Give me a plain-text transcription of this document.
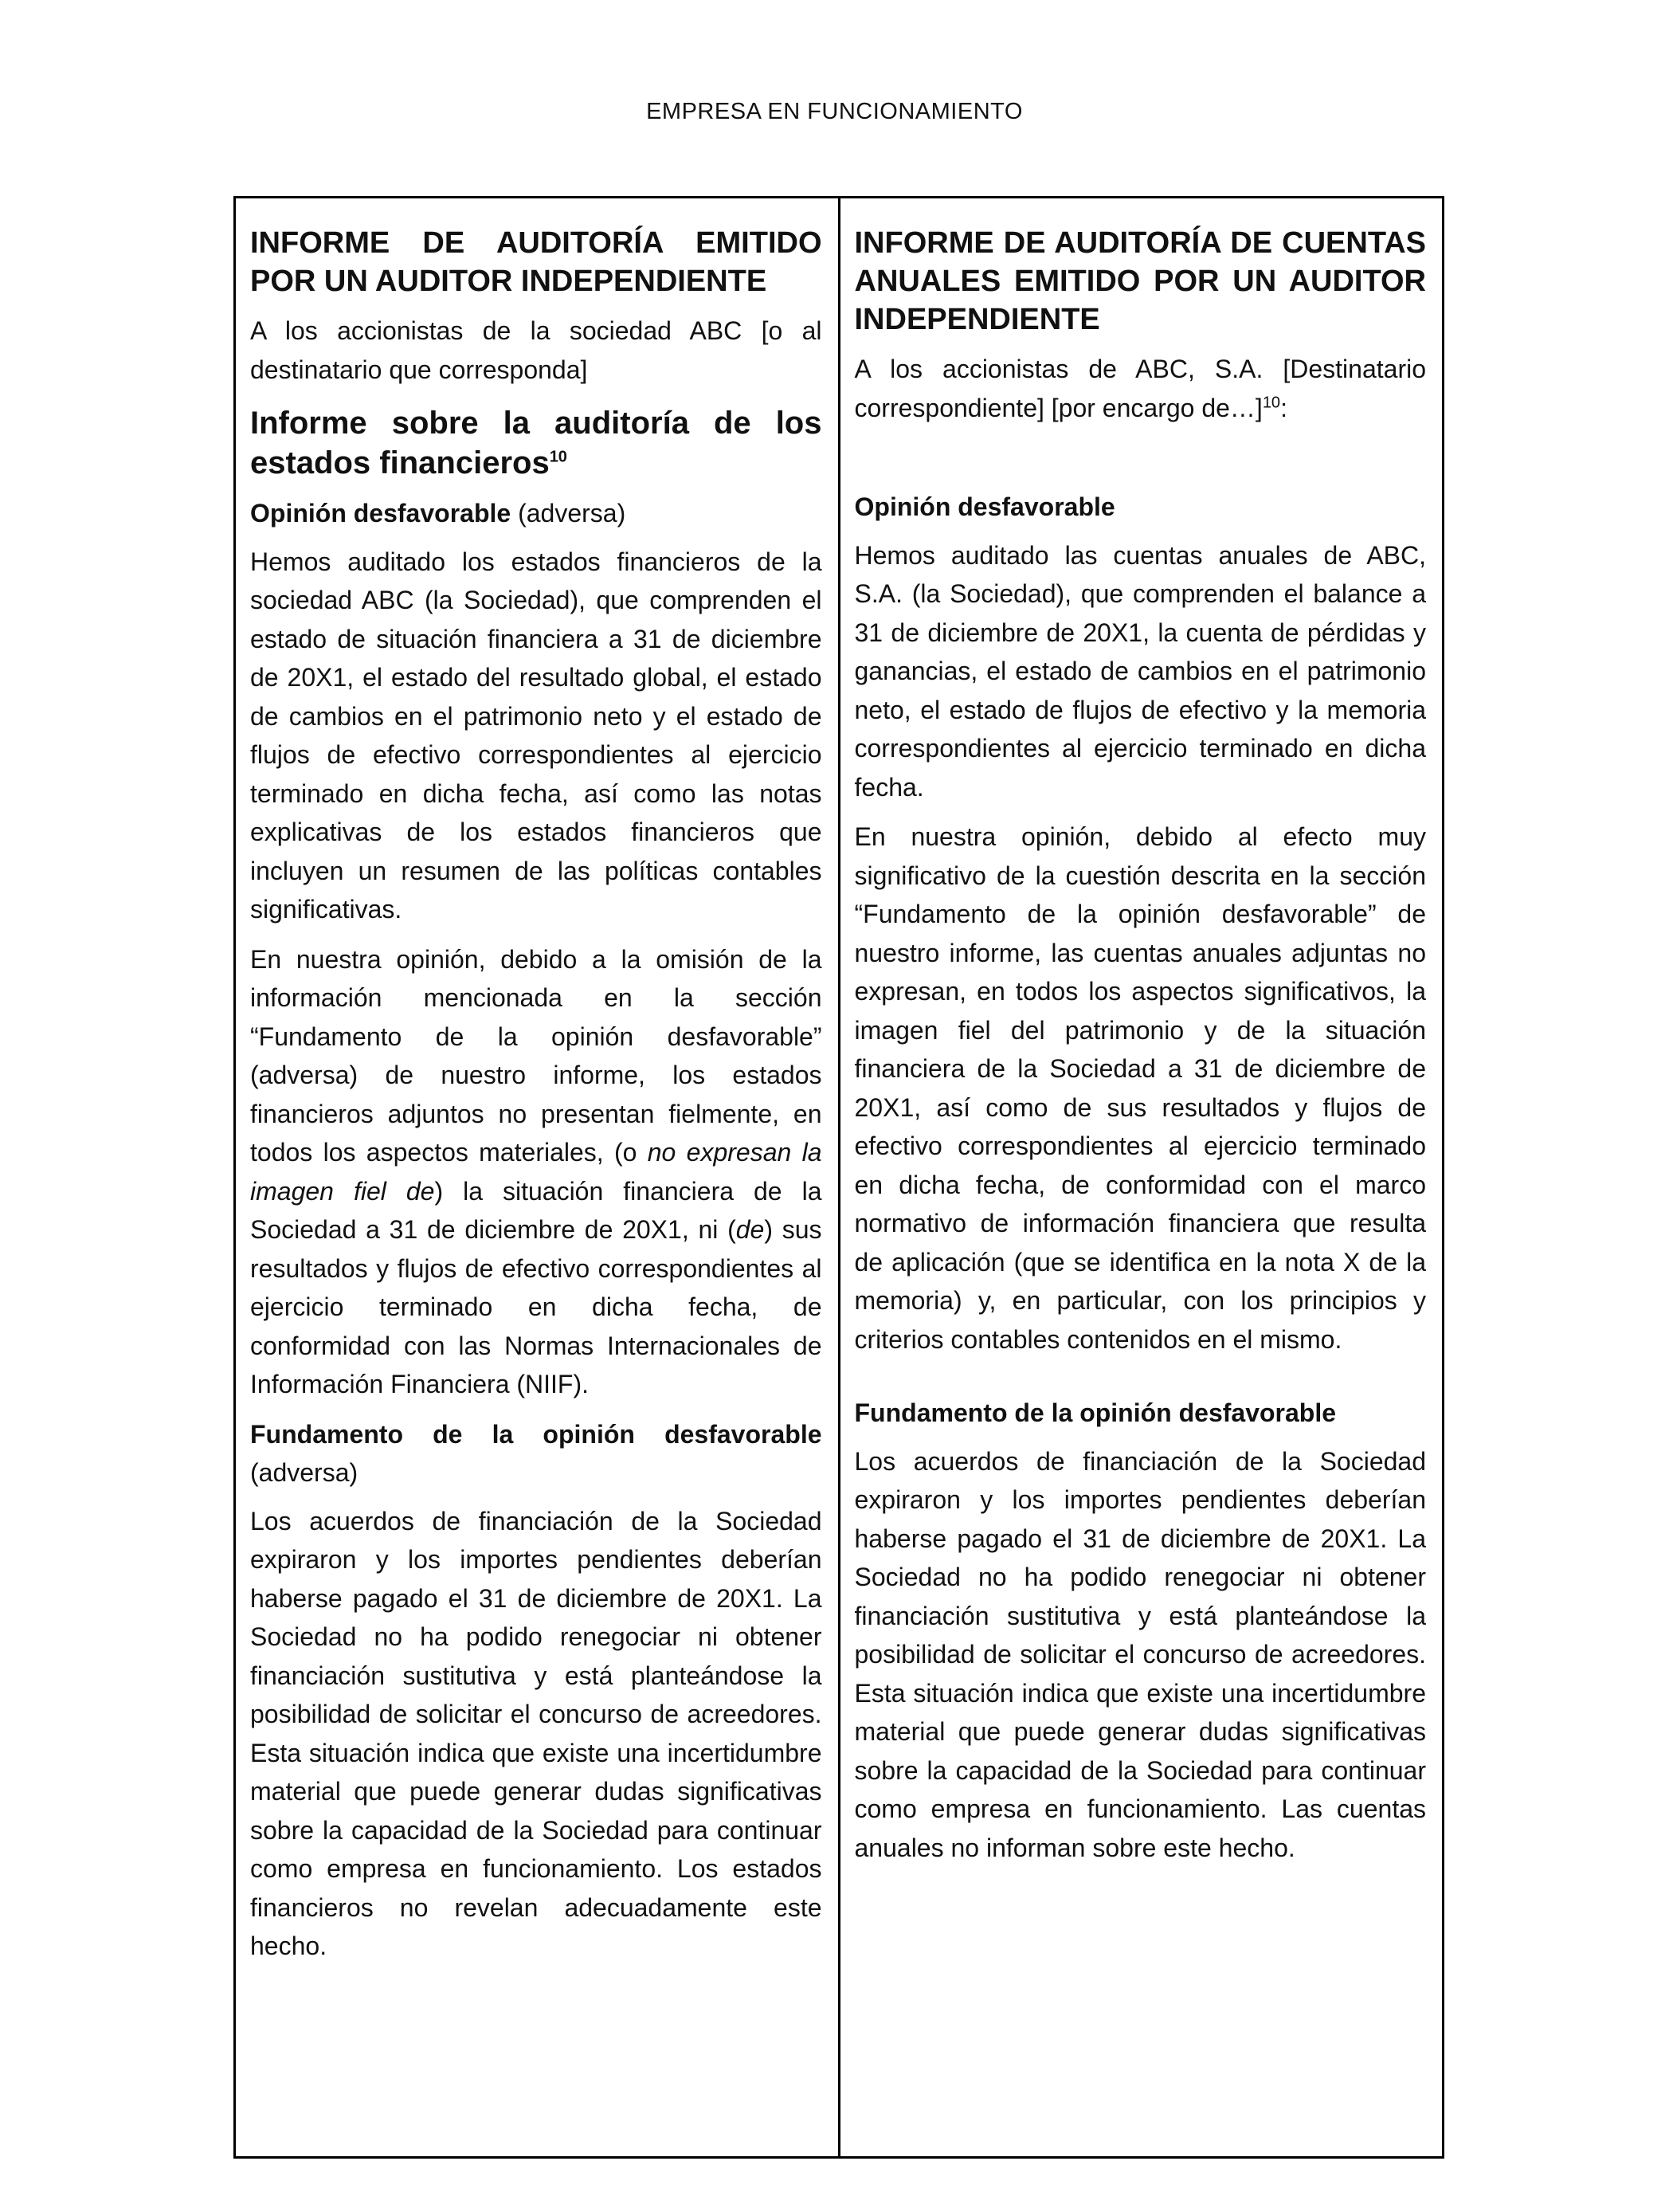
EMPRESA EN FUNCIONAMIENTO
INFORME DE AUDITORÍA EMITIDO POR UN AUDITOR INDEPENDIENTE

A los accionistas de la sociedad ABC [o al destinatario que corresponda]

Informe sobre la auditoría de los estados financieros$^{10}$
Opinión desfavorable (adversa)

Hemos auditado los estados financieros de la sociedad ABC (la Sociedad), que comprenden el estado de situación financiera a 31 de diciembre de 20X1, el estado del resultado global, el estado de cambios en el patrimonio neto y el estado de flujos de efectivo correspondientes al ejercicio terminado en dicha fecha, así como las notas explicativas de los estados financieros que incluyen un resumen de las políticas contables significativas.

En nuestra opinión, debido a la omisión de la información mencionada en la sección “Fundamento de la opinión desfavorable” (adversa) de nuestro informe, los estados financieros adjuntos no presentan fielmente, en todos los aspectos materiales, (o no expresan la imagen fiel de) la situación financiera de la Sociedad a 31 de diciembre de 20X1, ni (de) sus resultados y flujos de efectivo correspondientes al ejercicio terminado en dicha fecha, de conformidad con las Normas Internacionales de Información Financiera (NIIF).

Fundamento de la opinión desfavorable (adversa)

Los acuerdos de financiación de la Sociedad expiraron y los importes pendientes deberían haberse pagado el 31 de diciembre de 20X1. La Sociedad no ha podido renegociar ni obtener financiación sustitutiva y está planteándose la posibilidad de solicitar el concurso de acreedores. Esta situación indica que existe una incertidumbre material que puede generar dudas significativas sobre la capacidad de la Sociedad para continuar como empresa en funcionamiento. Los estados financieros no revelan adecuadamente este hecho.

INFORME DE AUDITORÍA DE CUENTAS ANUALES EMITIDO POR UN AUDITOR INDEPENDIENTE

A los accionistas de ABC, S.A. [Destinatario correspondiente] [por encargo de…]$^{10}$:

Opinión desfavorable

Hemos auditado las cuentas anuales de ABC, S.A. (la Sociedad), que comprenden el balance a 31 de diciembre de 20X1, la cuenta de pérdidas y ganancias, el estado de cambios en el patrimonio neto, el estado de flujos de efectivo y la memoria correspondientes al ejercicio terminado en dicha fecha.

En nuestra opinión, debido al efecto muy significativo de la cuestión descrita en la sección “Fundamento de la opinión desfavorable” de nuestro informe, las cuentas anuales adjuntas no expresan, en todos los aspectos significativos, la imagen fiel del patrimonio y de la situación financiera de la Sociedad a 31 de diciembre de 20X1, así como de sus resultados y flujos de efectivo correspondientes al ejercicio terminado en dicha fecha, de conformidad con el marco normativo de información financiera que resulta de aplicación (que se identifica en la nota X de la memoria) y, en particular, con los principios y criterios contables contenidos en el mismo.

Fundamento de la opinión desfavorable

Los acuerdos de financiación de la Sociedad expiraron y los importes pendientes deberían haberse pagado el 31 de diciembre de 20X1. La Sociedad no ha podido renegociar ni obtener financiación sustitutiva y está planteándose la posibilidad de solicitar el concurso de acreedores. Esta situación indica que existe una incertidumbre material que puede generar dudas significativas sobre la capacidad de la Sociedad para continuar como empresa en funcionamiento. Las cuentas anuales no informan sobre este hecho.
